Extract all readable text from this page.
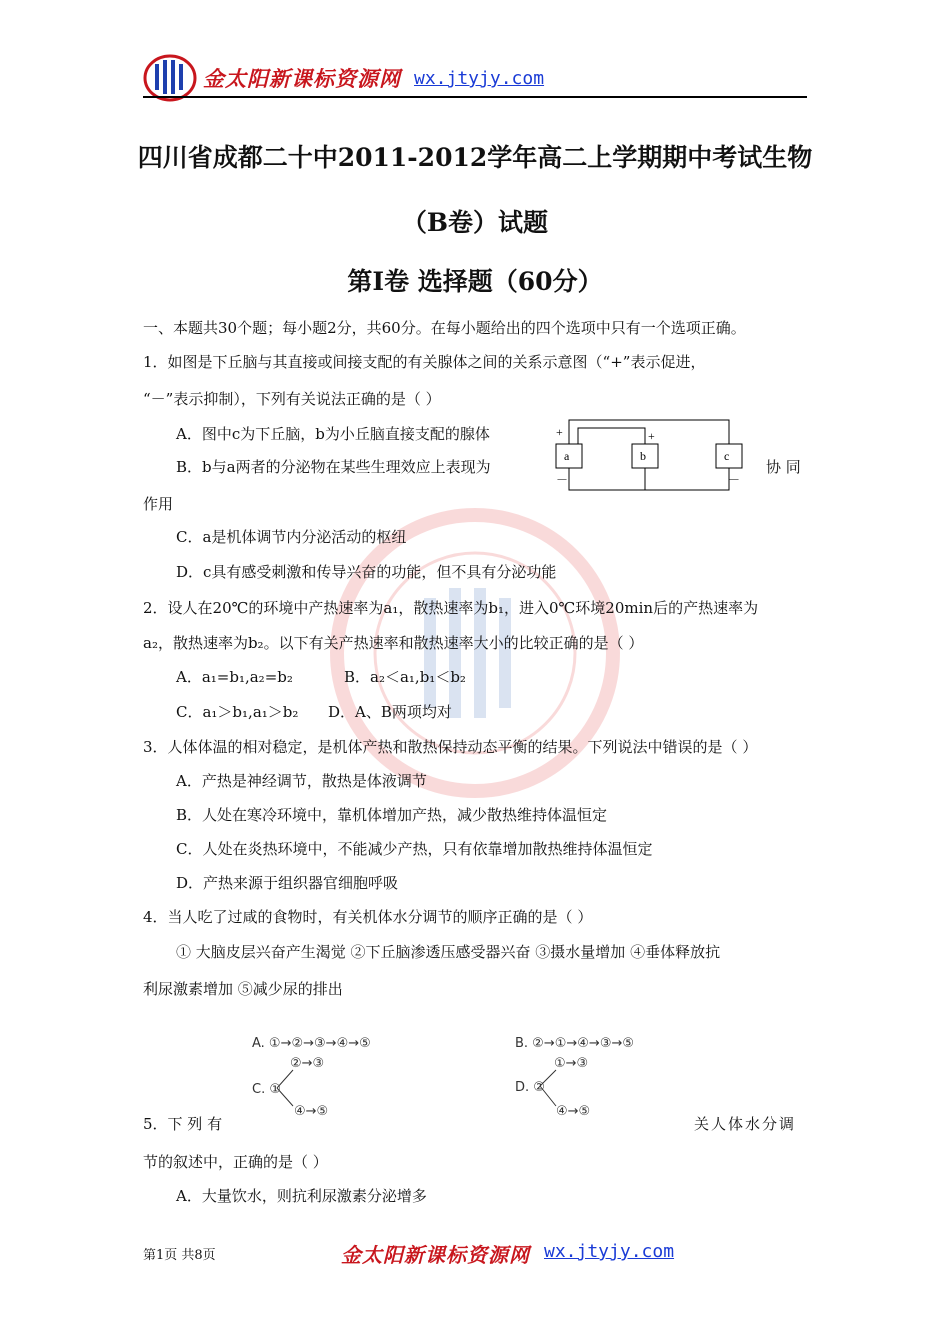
金太阳新课标资源网 wx.jtyjy.com
四川省成都二十中2011-2012学年高二上学期期中考试生物
（B卷）试题
第Ⅰ卷 选择题（60分）
一、本题共30个题；每小题2分，共60分。在每小题给出的四个选项中只有一个选项正确。
1．如图是下丘脑与其直接或间接支配的有关腺体之间的关系示意图（“+”表示促进，
“－”表示抑制），下列有关说法正确的是（ ）
A．图中c为下丘脑，b为小丘脑直接支配的腺体
B．b与a两者的分泌物在某些生理效应上表现为	协 同
作用
C．a是机体调节内分泌活动的枢纽
D．c具有感受刺激和传导兴奋的功能，但不具有分泌功能
a	b	c
+	+
－	－
2．设人在20℃的环境中产热速率为a₁，散热速率为b₁，进入0℃环境20min后的产热速率为
a₂，散热速率为b₂。以下有关产热速率和散热速率大小的比较正确的是（ ）
A．a₁=b₁,a₂=b₂	B．a₂＜a₁,b₁＜b₂
C．a₁＞b₁,a₁＞b₂ D．A、B两项均对
3．人体体温的相对稳定，是机体产热和散热保持动态平衡的结果。下列说法中错误的是（ ）
A．产热是神经调节，散热是体液调节
B．人处在寒冷环境中，靠机体增加产热，减少散热维持体温恒定
C．人处在炎热环境中，不能减少产热，只有依靠增加散热维持体温恒定
D．产热来源于组织器官细胞呼吸
4．当人吃了过咸的食物时，有关机体水分调节的顺序正确的是（ ）
① 大脑皮层兴奋产生渴觉 ②下丘脑渗透压感受器兴奋 ③摄水量增加 ④垂体释放抗
利尿激素增加 ⑤减少尿的排出
A. ①→②→③→④→⑤
②→③
C. ①
④→⑤
B. ②→①→④→③→⑤
①→③
D. ②
④→⑤
5．下 列 有	关人体水分调
节的叙述中，正确的是（ ）
A．大量饮水，则抗利尿激素分泌增多
第1页 共8页	金太阳新课标资源网 wx.jtyjy.com
